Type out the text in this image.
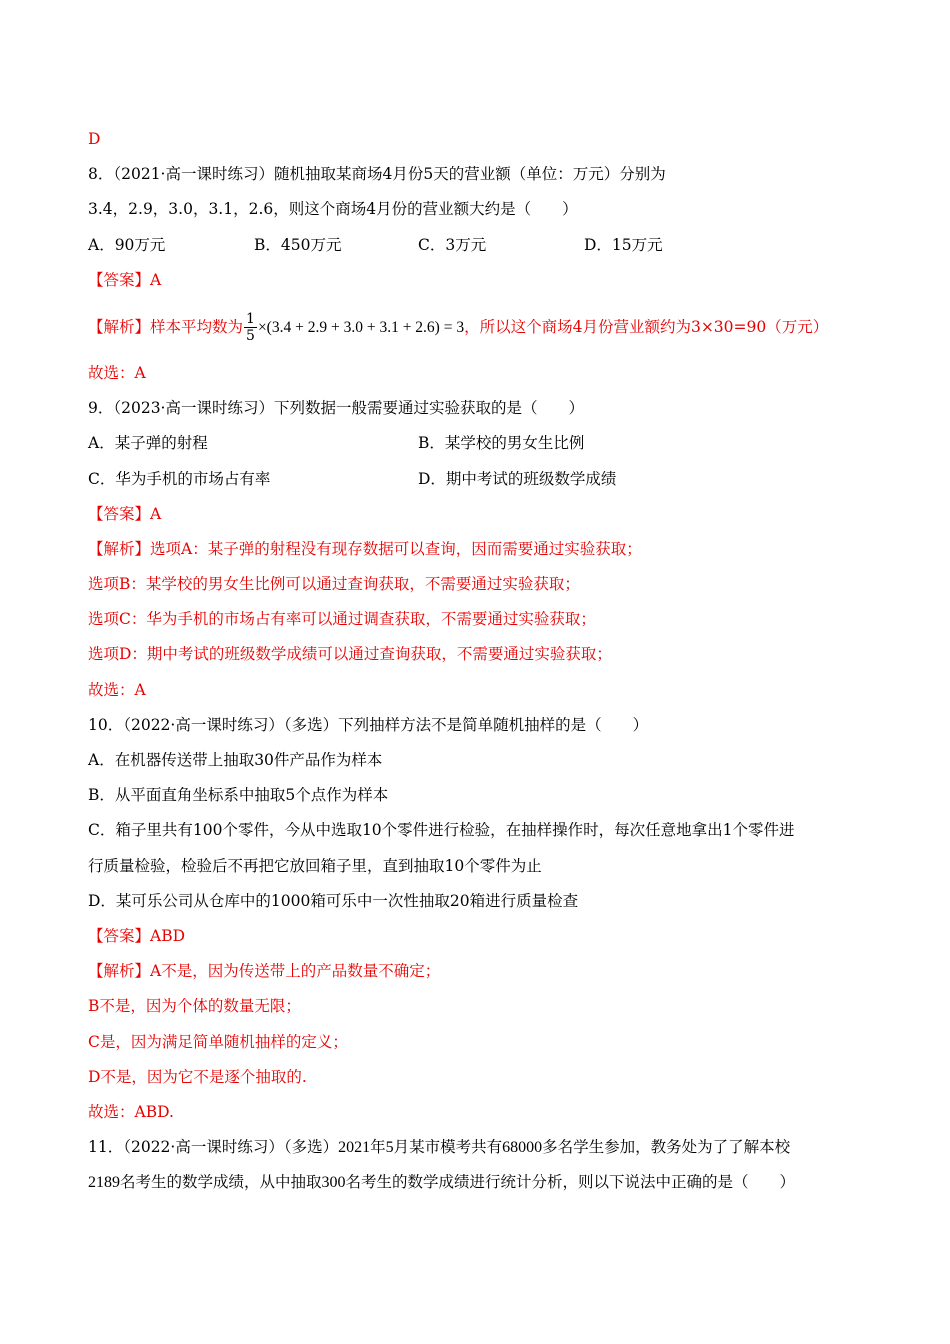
D
8．（2021·高一课时练习）随机抽取某商场4月份5天的营业额（单位：万元）分别为
3.4，2.9，3.0，3.1，2.6，则这个商场4月份的营业额大约是（　　）
A．90万元	B．450万元	C．3万元	D．15万元
【答案】A
【解析】样本平均数为 $\frac{1}{5} \times(3.4 + 2.9 + 3.0 + 3.1 + 2.6) = 3$，所以这个商场4月份营业额约为3×30=90（万元）
故选：A
9．（2023·高一课时练习）下列数据一般需要通过实验获取的是（　　）
A．某子弹的射程	B．某学校的男女生比例
C．华为手机的市场占有率	D．期中考试的班级数学成绩
【答案】A
【解析】选项A：某子弹的射程没有现存数据可以查询，因而需要通过实验获取；
选项B：某学校的男女生比例可以通过查询获取，不需要通过实验获取；
选项C：华为手机的市场占有率可以通过调查获取，不需要通过实验获取；
选项D：期中考试的班级数学成绩可以通过查询获取，不需要通过实验获取；
故选：A
10．（2022·高一课时练习）（多选）下列抽样方法不是简单随机抽样的是（　　）
A．在机器传送带上抽取30件产品作为样本
B．从平面直角坐标系中抽取5个点作为样本
C．箱子里共有100个零件，今从中选取10个零件进行检验，在抽样操作时，每次任意地拿出1个零件进
行质量检验，检验后不再把它放回箱子里，直到抽取10个零件为止
D．某可乐公司从仓库中的1000箱可乐中一次性抽取20箱进行质量检查
【答案】ABD
【解析】A不是，因为传送带上的产品数量不确定；
B不是，因为个体的数量无限；
C是，因为满足简单随机抽样的定义；
D不是，因为它不是逐个抽取的.
故选：ABD.
11．（2022·高一课时练习）（多选）2021年5月某市模考共有68000多名学生参加，教务处为了了解本校
2189名考生的数学成绩，从中抽取300名考生的数学成绩进行统计分析，则以下说法中正确的是（　　）
